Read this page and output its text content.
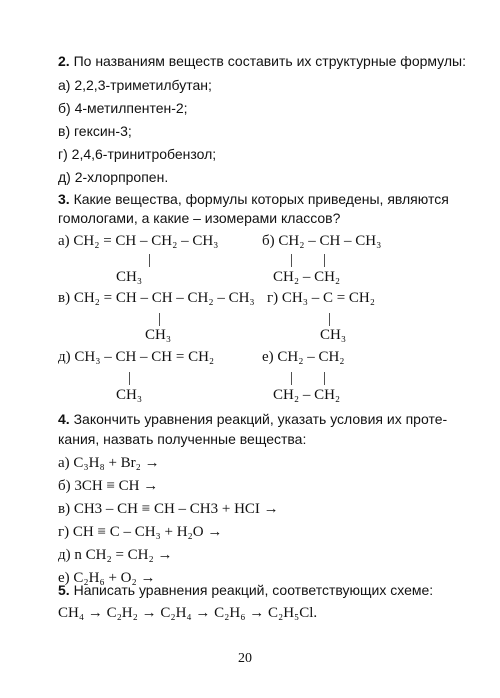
2. По названиям веществ составить их структурные формулы:
а) 2,2,3-триметилбутан;
б) 4-метилпентен-2;
в) гексин-3;
г) 2,4,6-тринитробензол;
д) 2-хлорпропен.
3. Какие вещества, формулы которых приведены, являются
гомологами, а какие – изомерами классов?
а) CH₂ = CH – CH₂ – CH₃
|
CH₃
б) CH₂ – CH – CH₃
|        |
CH₂ – CH₂
в) CH₂ = CH – CH – CH₂ – CH₃
|
CH₃
г) CH₃ – C = CH₂
|
CH₃
д) CH₃ – CH – CH = CH₂
|
CH₃
е) CH₂ – CH₂
|        |
CH₂ – CH₂
4. Закончить уравнения реакций, указать условия их проте-
кания, назвать полученные вещества:
а) C₃H₈ + Br₂ →
б) 3CH ≡ CH →
в) CH3 – CH ≡ CH – CH3 + HCI →
г) CH ≡ C – CH₃ + H₂O →
д) n CH₂ = CH₂ →
е) C₂H₆ + O₂ →
5. Написать уравнения реакций, соответствующих схеме:
CH₄ → C₂H₂ → C₂H₄ → C₂H₆ → C₂H₅Cl.
20
